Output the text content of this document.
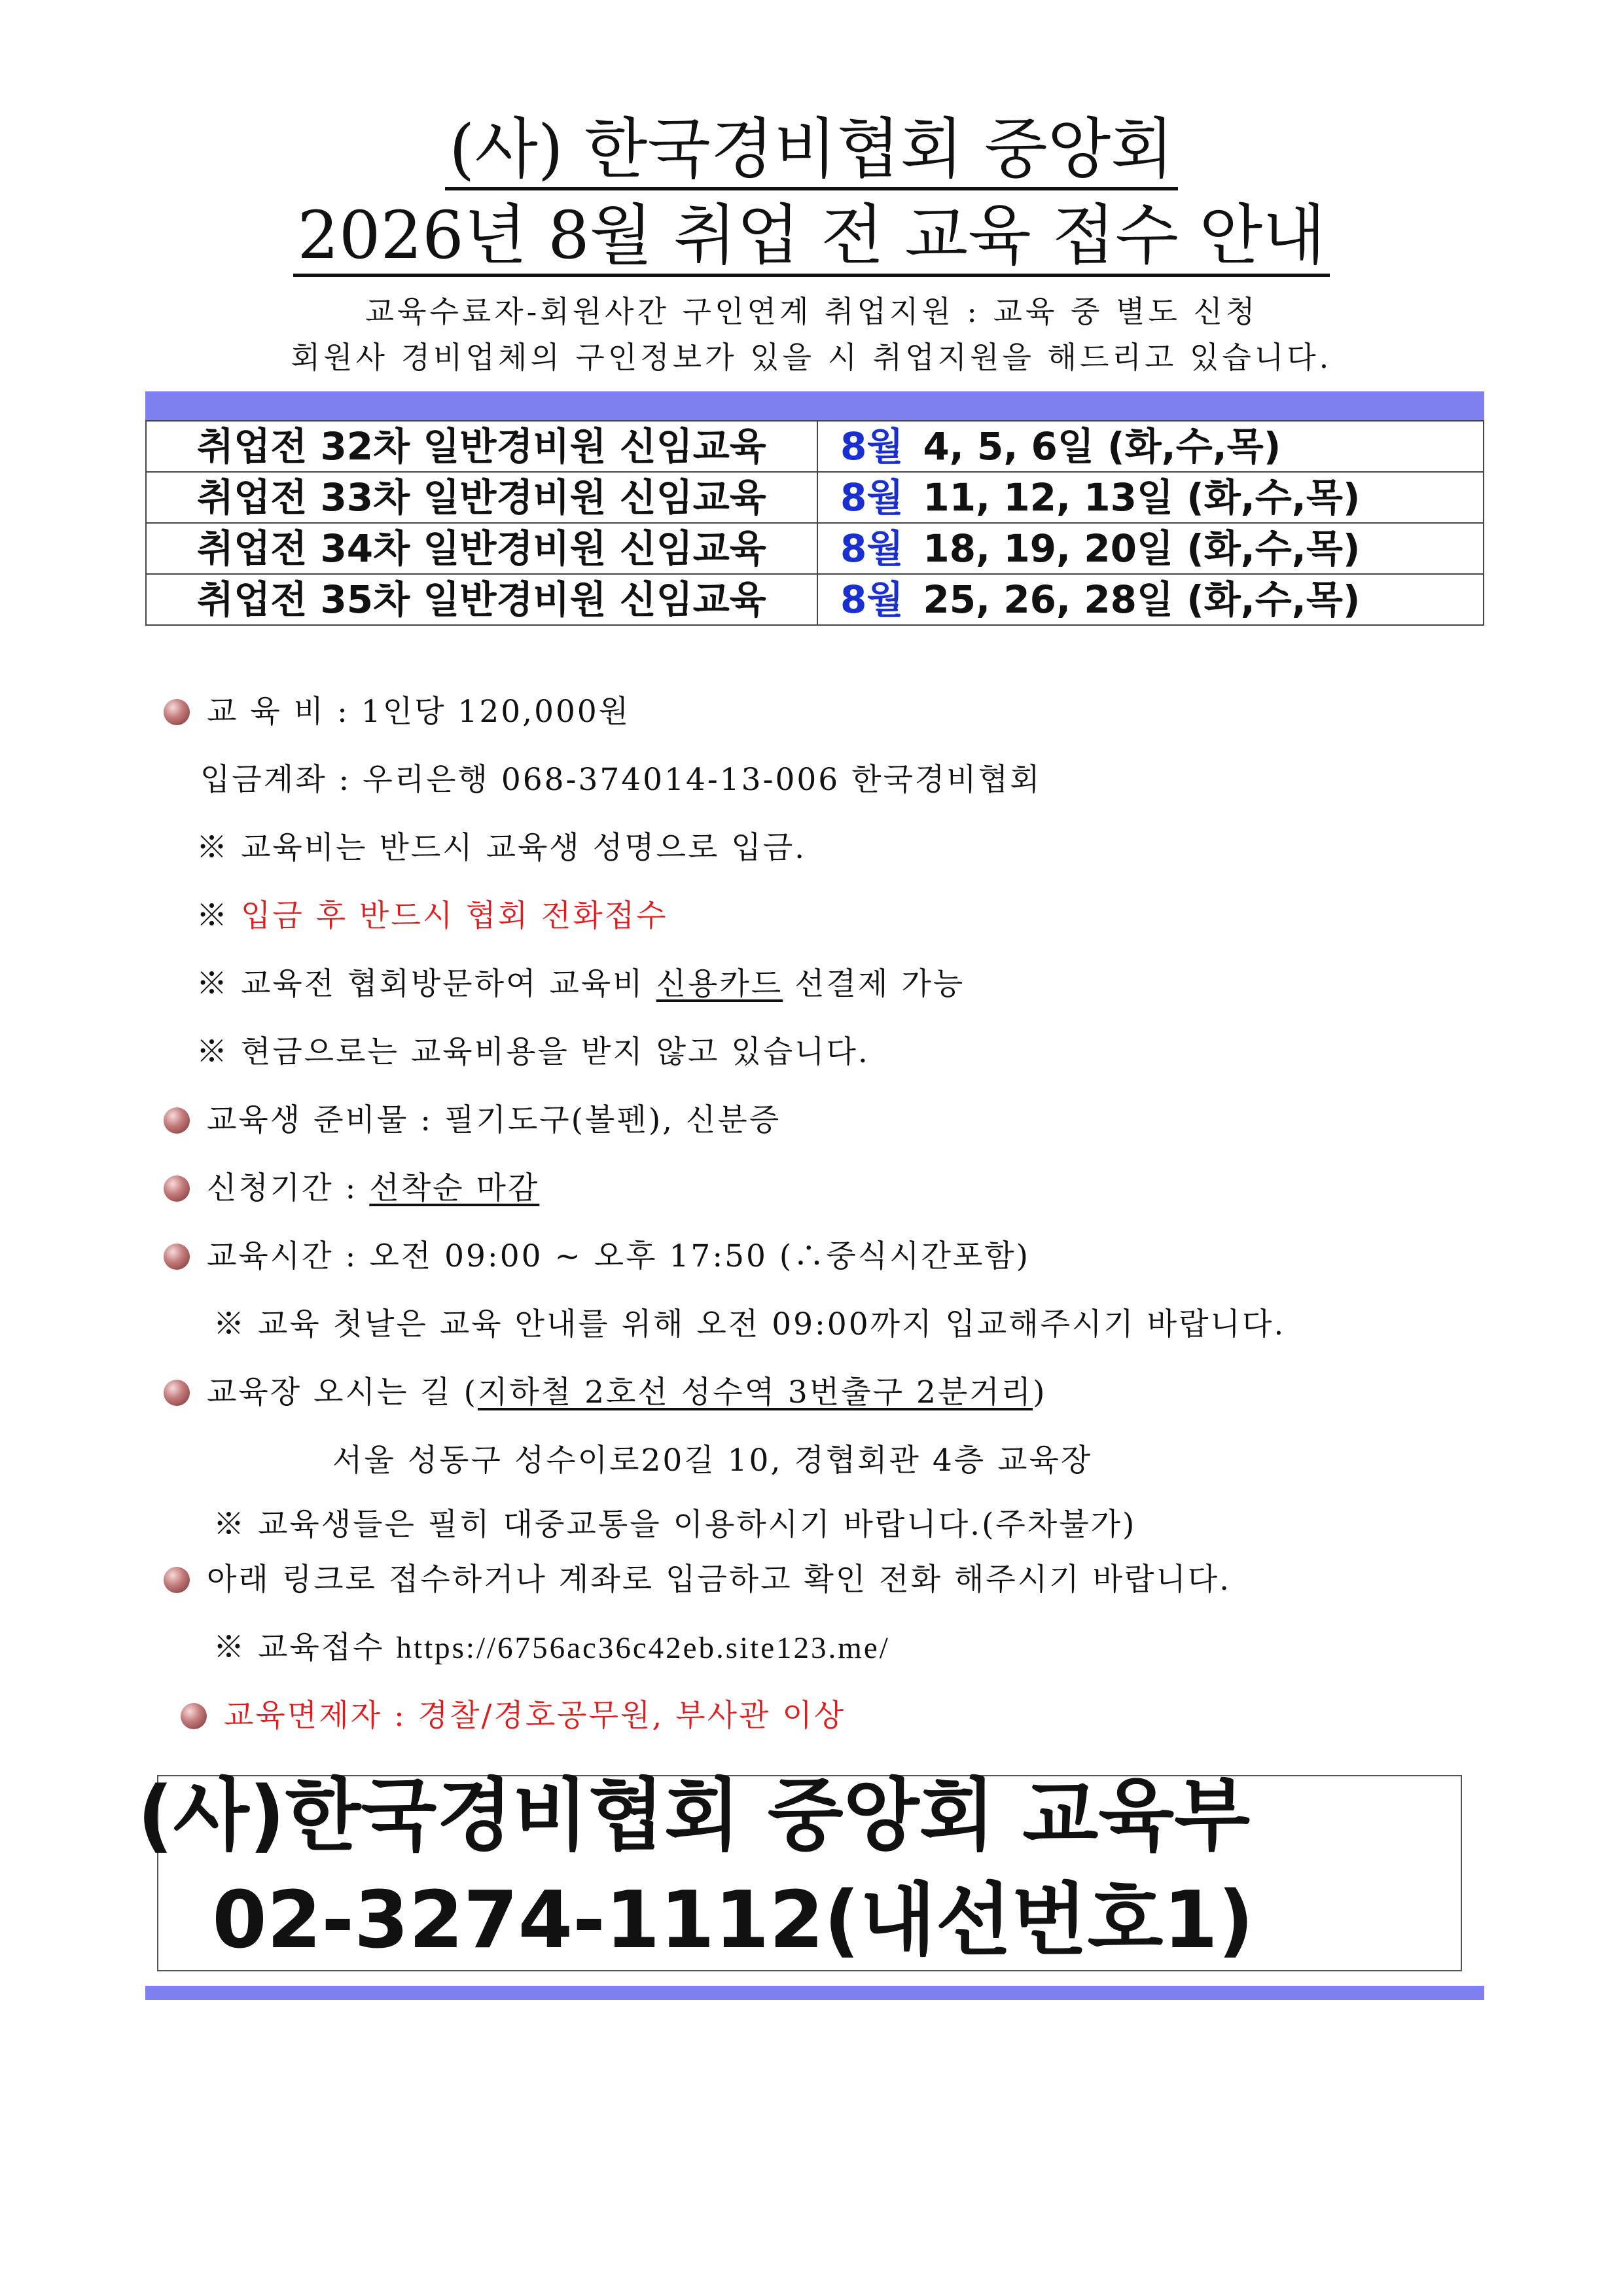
(사) 한국경비협회 중앙회
2026년 8월 취업 전 교육 접수 안내
교육수료자-회원사간 구인연계 취업지원 : 교육 중 별도 신청
회원사 경비업체의 구인정보가 있을 시 취업지원을 해드리고 있습니다.
취업전 32차 일반경비원 신임교육	8월 4, 5, 6일 (화,수,목)
취업전 33차 일반경비원 신임교육	8월 11, 12, 13일 (화,수,목)
취업전 34차 일반경비원 신임교육	8월 18, 19, 20일 (화,수,목)
취업전 35차 일반경비원 신임교육	8월 25, 26, 28일 (화,수,목)
교 육 비 : 1인당 120,000원
입금계좌 : 우리은행 068-374014-13-006 한국경비협회
※ 교육비는 반드시 교육생 성명으로 입금.
※ 입금 후 반드시 협회 전화접수
※ 교육전 협회방문하여 교육비 신용카드 선결제 가능
※ 현금으로는 교육비용을 받지 않고 있습니다.
교육생 준비물 : 필기도구(볼펜), 신분증
신청기간 : 선착순 마감
교육시간 : 오전 09:00 ~ 오후 17:50 (∴중식시간포함)
※ 교육 첫날은 교육 안내를 위해 오전 09:00까지 입교해주시기 바랍니다.
교육장 오시는 길 (지하철 2호선 성수역 3번출구 2분거리)
서울 성동구 성수이로20길 10, 경협회관 4층 교육장
※ 교육생들은 필히 대중교통을 이용하시기 바랍니다.(주차불가)
아래 링크로 접수하거나 계좌로 입금하고 확인 전화 해주시기 바랍니다.
※ 교육접수 https://6756ac36c42eb.site123.me/
교육면제자 : 경찰/경호공무원, 부사관 이상
(사)한국경비협회 중앙회 교육부
02-3274-1112(내선번호1)
